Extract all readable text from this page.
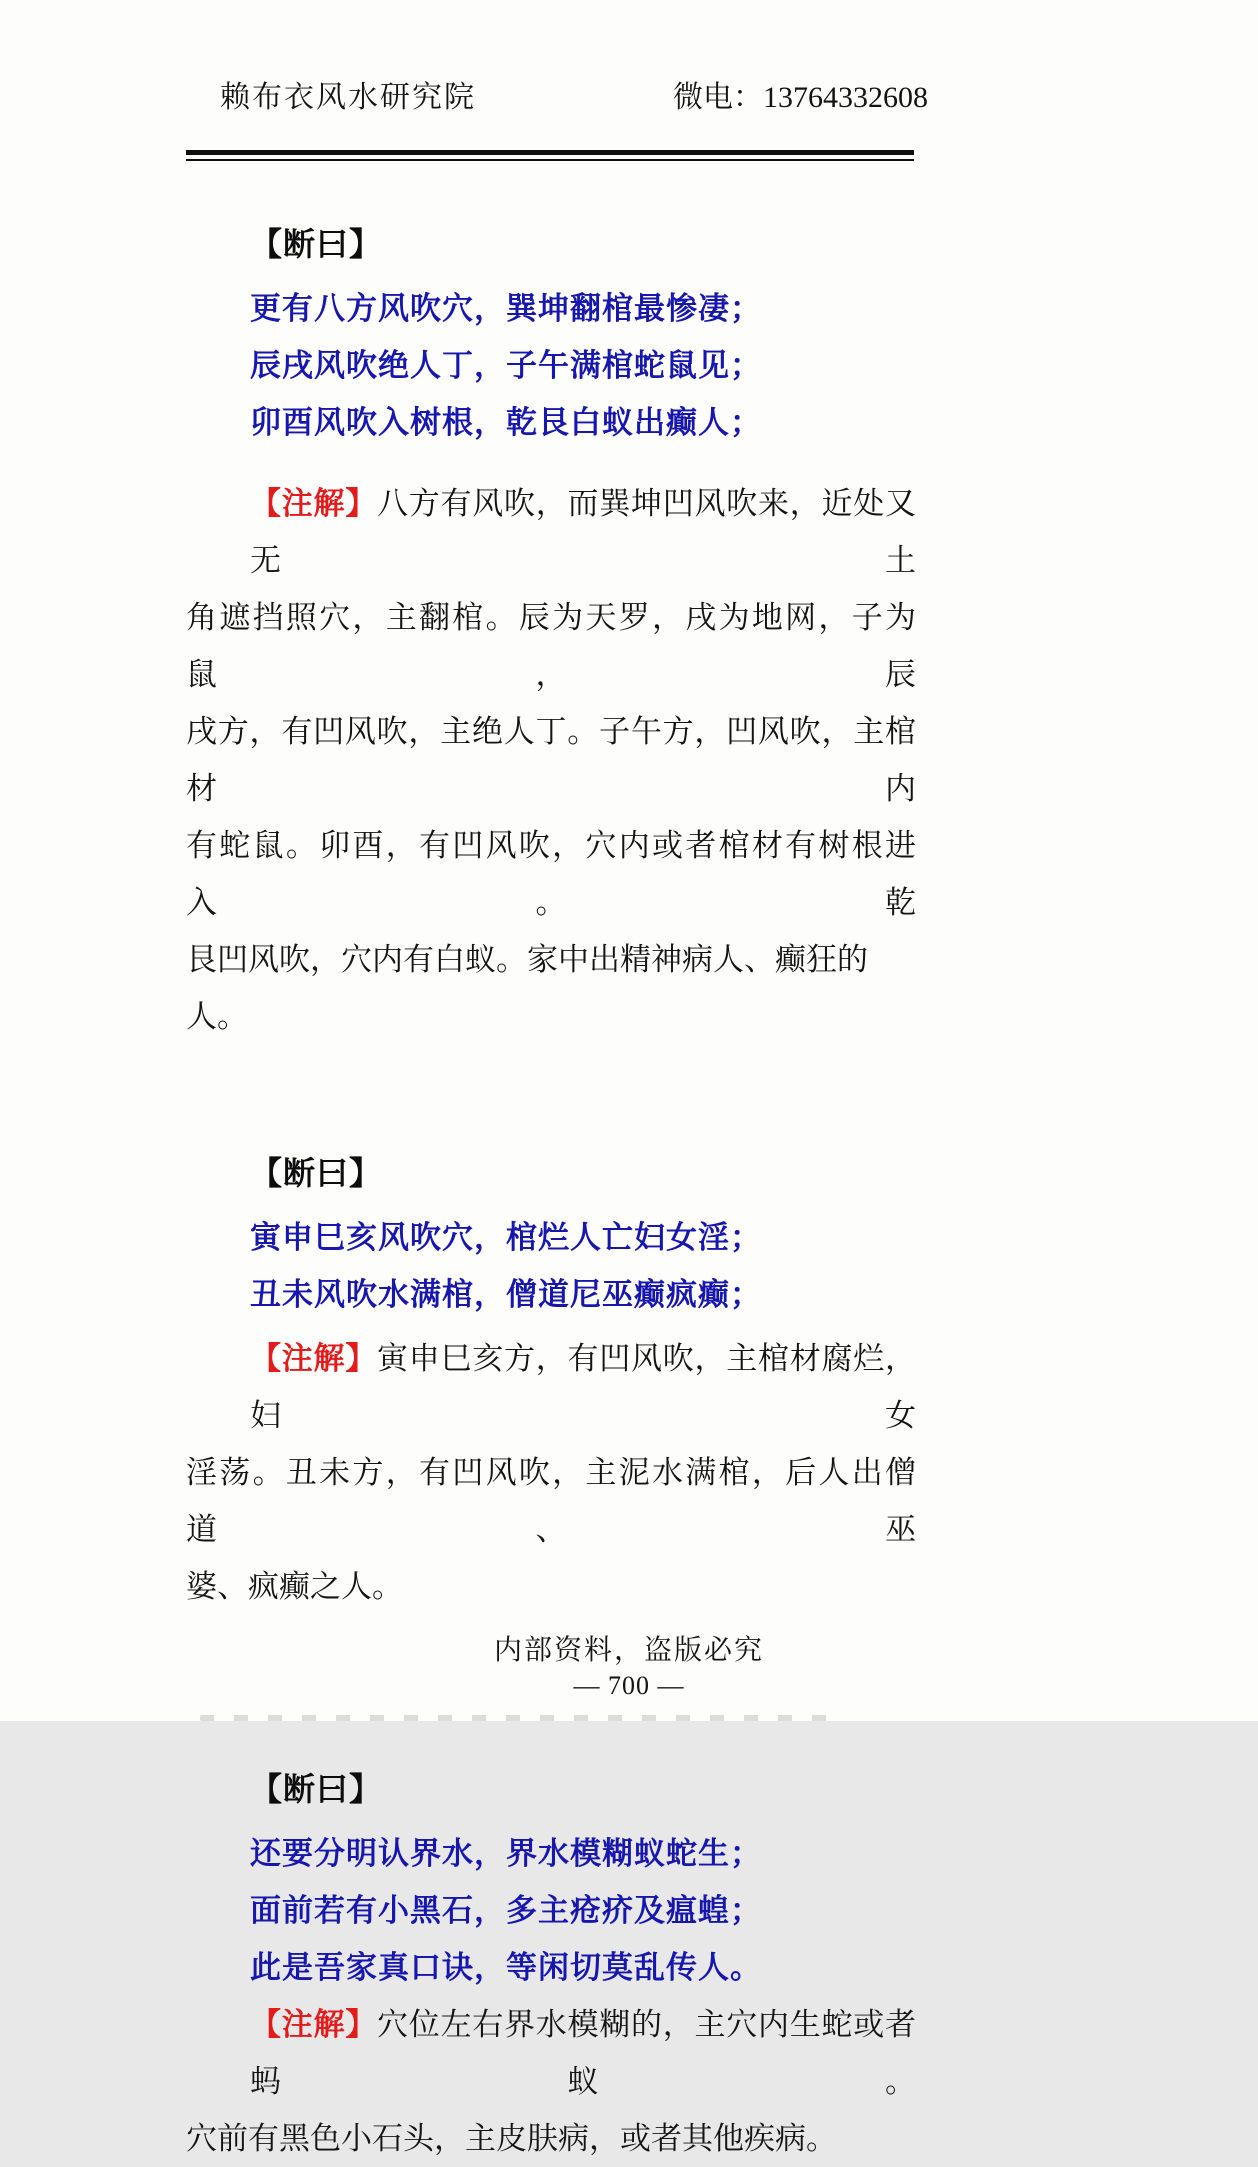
赖布衣风水研究院	微电：13764332608
【断曰】
更有八方风吹穴，巽坤翻棺最惨凄；
辰戌风吹绝人丁，子午满棺蛇鼠见；
卯酉风吹入树根，乾艮白蚁出癫人；
【注解】八方有风吹，而巽坤凹风吹来，近处又无土
角遮挡照穴，主翻棺。辰为天罗，戌为地网，子为鼠，辰
戌方，有凹风吹，主绝人丁。子午方，凹风吹，主棺材内
有蛇鼠。卯酉，有凹风吹，穴内或者棺材有树根进入。乾
艮凹风吹，穴内有白蚁。家中出精神病人、癫狂的人。
【断曰】
寅申巳亥风吹穴，棺烂人亡妇女淫；
丑未风吹水满棺，僧道尼巫癫疯癫；
【注解】寅申巳亥方，有凹风吹，主棺材腐烂，妇女
淫荡。丑未方，有凹风吹，主泥水满棺，后人出僧道、巫
婆、疯癫之人。
【断曰】
还要分明认界水，界水模糊蚁蛇生；
面前若有小黑石，多主疮疥及瘟蝗；
此是吾家真口诀，等闲切莫乱传人。
【注解】穴位左右界水模糊的，主穴内生蛇或者蚂蚁。
穴前有黑色小石头，主皮肤病，或者其他疾病。
内部资料，盗版必究
— 700 —
